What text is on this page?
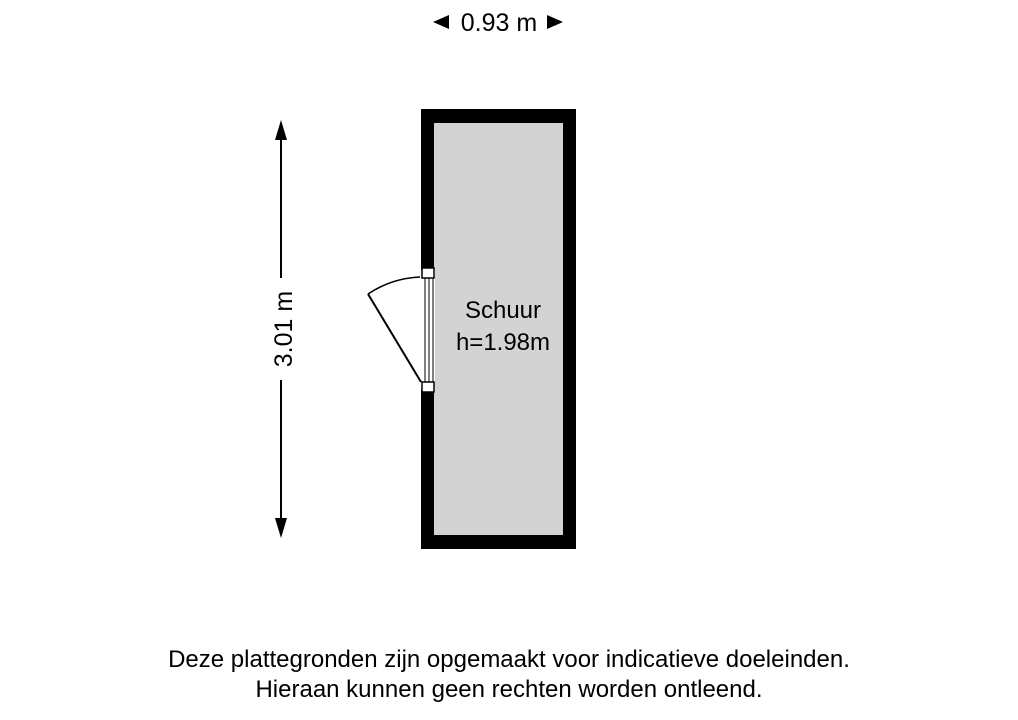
0.93 m
3.01 m	Schuur
h=1.98m
Deze plattegronden zijn opgemaakt voor indicatieve doeleinden.
Hieraan kunnen geen rechten worden ontleend.
